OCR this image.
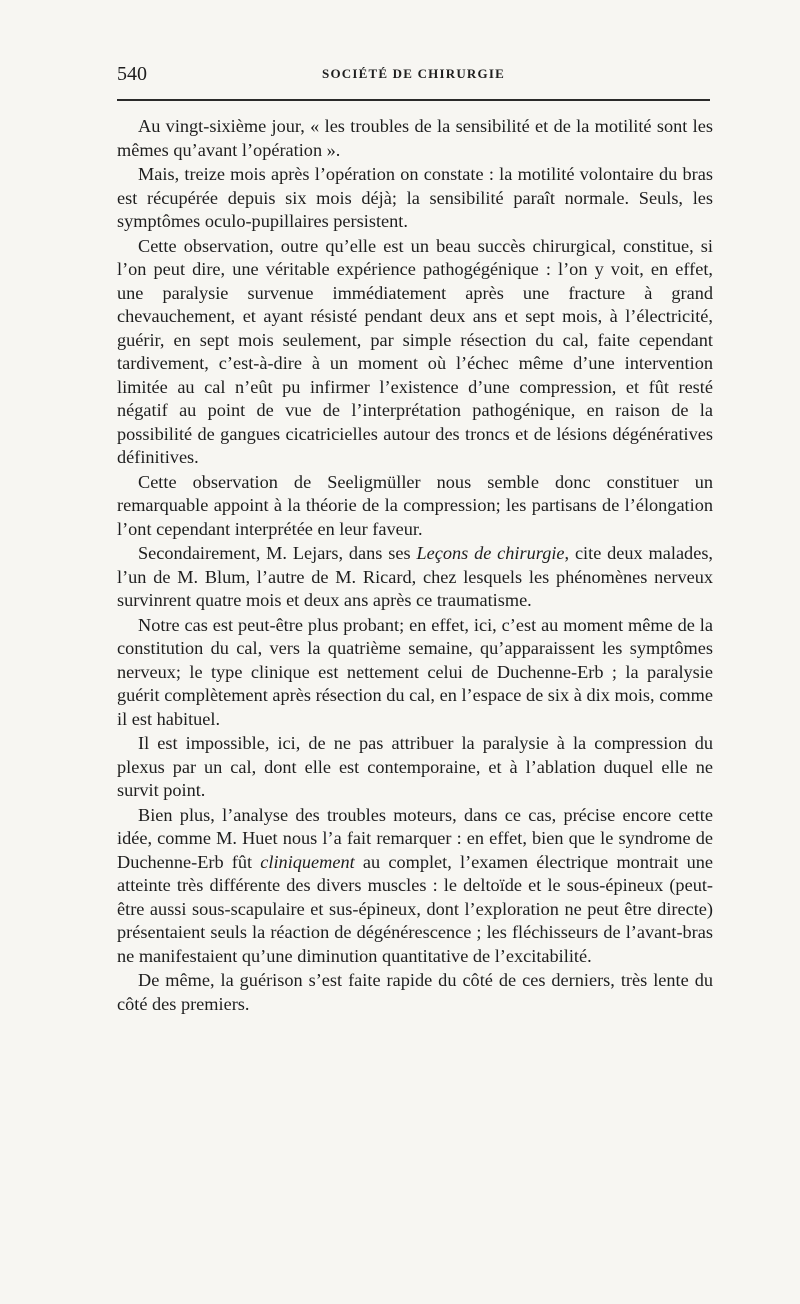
540	SOCIÉTÉ DE CHIRURGIE

Au vingt-sixième jour, « les troubles de la sensibilité et de la motilité sont les mêmes qu’avant l’opération ».

Mais, treize mois après l’opération on constate : la motilité volontaire du bras est récupérée depuis six mois déjà; la sensibilité paraît normale. Seuls, les symptômes oculo-pupillaires persistent.

Cette observation, outre qu’elle est un beau succès chirurgical, constitue, si l’on peut dire, une véritable expérience pathogégénique : l’on y voit, en effet, une paralysie survenue immédiatement après une fracture à grand chevauchement, et ayant résisté pendant deux ans et sept mois, à l’électricité, guérir, en sept mois seulement, par simple résection du cal, faite cependant tardivement, c’est-à-dire à un moment où l’échec même d’une intervention limitée au cal n’eût pu infirmer l’existence d’une compression, et fût resté négatif au point de vue de l’interprétation pathogénique, en raison de la possibilité de gangues cicatricielles autour des troncs et de lésions dégénératives définitives.

Cette observation de Seeligmüller nous semble donc constituer un remarquable appoint à la théorie de la compression; les partisans de l’élongation l’ont cependant interprétée en leur faveur.

Secondairement, M. Lejars, dans ses Leçons de chirurgie, cite deux malades, l’un de M. Blum, l’autre de M. Ricard, chez lesquels les phénomènes nerveux survinrent quatre mois et deux ans après ce traumatisme.

Notre cas est peut-être plus probant; en effet, ici, c’est au moment même de la constitution du cal, vers la quatrième semaine, qu’apparaissent les symptômes nerveux; le type clinique est nettement celui de Duchenne-Erb ; la paralysie guérit complètement après résection du cal, en l’espace de six à dix mois, comme il est habituel.

Il est impossible, ici, de ne pas attribuer la paralysie à la compression du plexus par un cal, dont elle est contemporaine, et à l’ablation duquel elle ne survit point.

Bien plus, l’analyse des troubles moteurs, dans ce cas, précise encore cette idée, comme M. Huet nous l’a fait remarquer : en effet, bien que le syndrome de Duchenne-Erb fût cliniquement au complet, l’examen électrique montrait une atteinte très différente des divers muscles : le deltoïde et le sous-épineux (peut-être aussi sous-scapulaire et sus-épineux, dont l’exploration ne peut être directe) présentaient seuls la réaction de dégénérescence ; les fléchisseurs de l’avant-bras ne manifestaient qu’une diminution quantitative de l’excitabilité.

De même, la guérison s’est faite rapide du côté de ces derniers, très lente du côté des premiers.
